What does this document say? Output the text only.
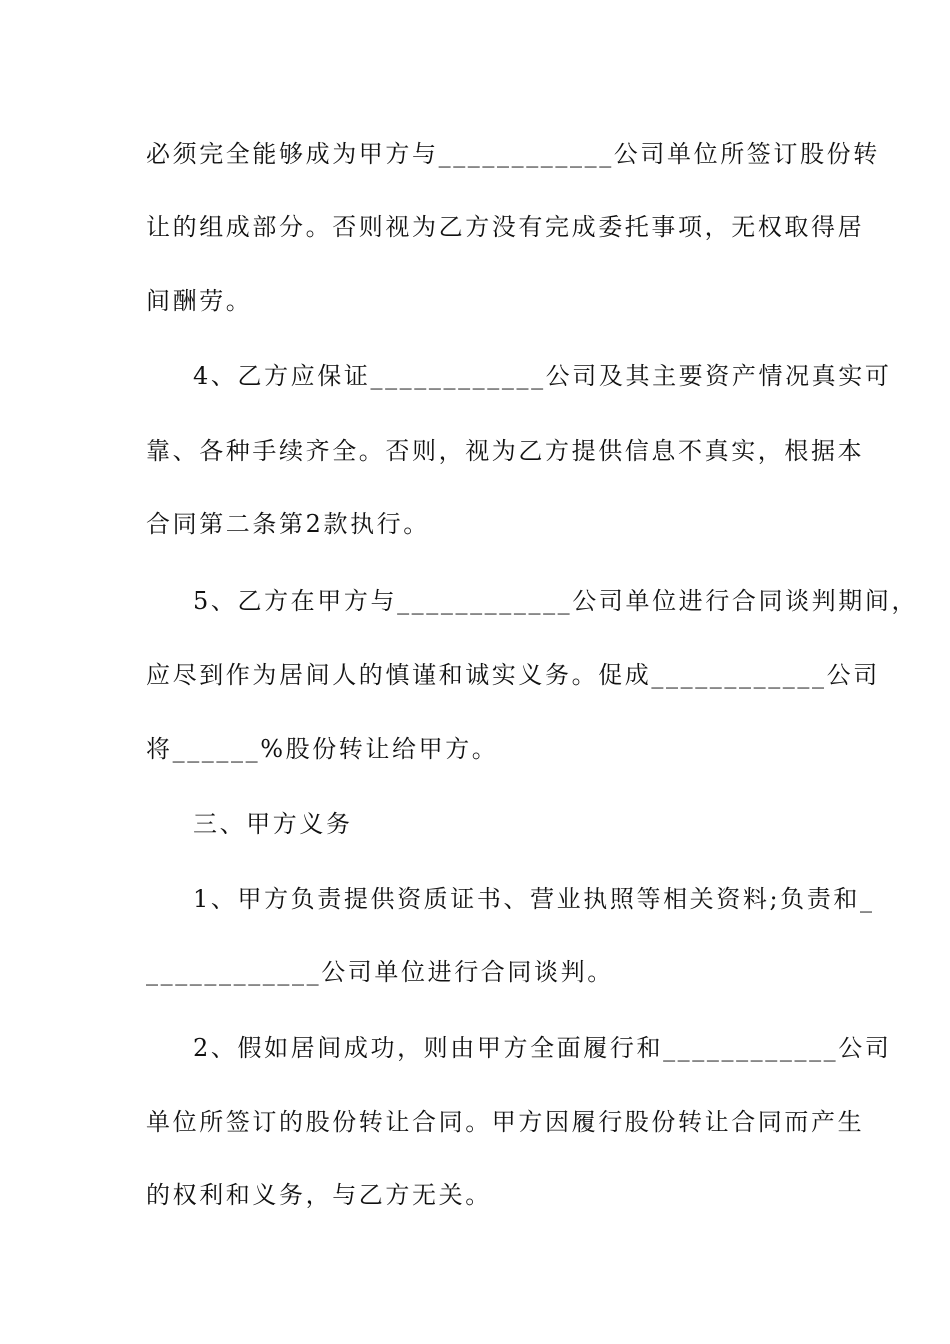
必须完全能够成为甲方与____________公司单位所签订股份转
让的组成部分。否则视为乙方没有完成委托事项，无权取得居
间酬劳。
4、乙方应保证____________公司及其主要资产情况真实可
靠、各种手续齐全。否则，视为乙方提供信息不真实，根据本
合同第二条第2款执行。
5、乙方在甲方与____________公司单位进行合同谈判期间，
应尽到作为居间人的慎谨和诚实义务。促成____________公司
将______%股份转让给甲方。
三、甲方义务
1、甲方负责提供资质证书、营业执照等相关资料;负责和_
____________公司单位进行合同谈判。
2、假如居间成功，则由甲方全面履行和____________公司
单位所签订的股份转让合同。甲方因履行股份转让合同而产生
的权利和义务，与乙方无关。
